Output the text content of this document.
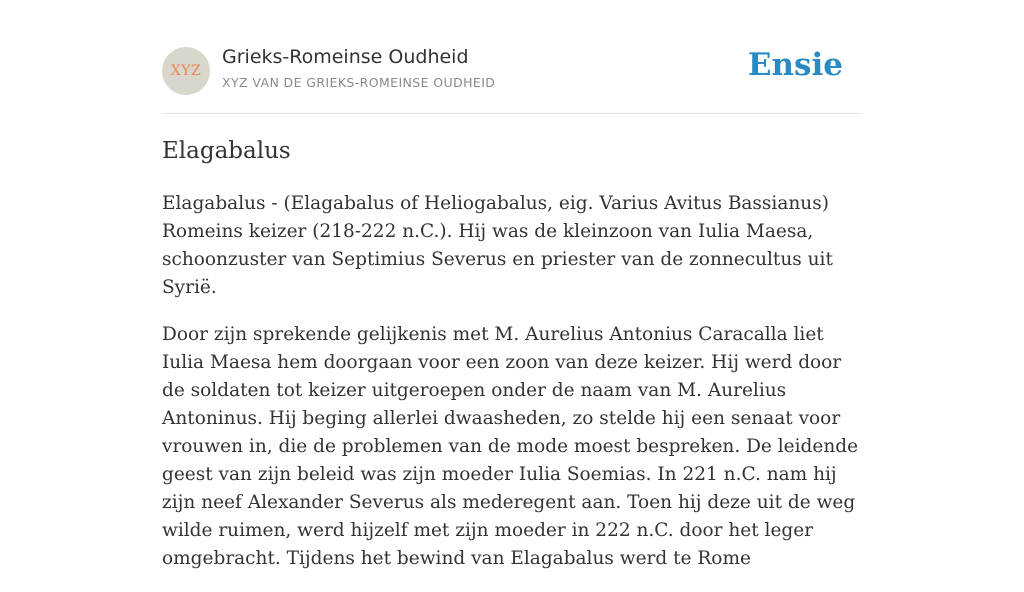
XYZ
Grieks-Romeinse Oudheid
XYZ VAN DE GRIEKS-ROMEINSE OUDHEID	Ensie
Elagabalus

Elagabalus - (Elagabalus of Heliogabalus, eig. Varius Avitus Bassianus) Romeins keizer (218-222 n.C.). Hij was de kleinzoon van Iulia Maesa, schoonzuster van Septimius Severus en priester van de zonnecultus uit Syrië.

Door zijn sprekende gelijkenis met M. Aurelius Antonius Caracalla liet Iulia Maesa hem doorgaan voor een zoon van deze keizer. Hij werd door de soldaten tot keizer uitgeroepen onder de naam van M. Aurelius Antoninus. Hij beging allerlei dwaasheden, zo stelde hij een senaat voor vrouwen in, die de problemen van de mode moest bespreken. De leidende geest van zijn beleid was zijn moeder Iulia Soemias. In 221 n.C. nam hij zijn neef Alexander Severus als mederegent aan. Toen hij deze uit de weg wilde ruimen, werd hijzelf met zijn moeder in 222 n.C. door het leger omgebracht. Tijdens het bewind van Elagabalus werd te Rome
